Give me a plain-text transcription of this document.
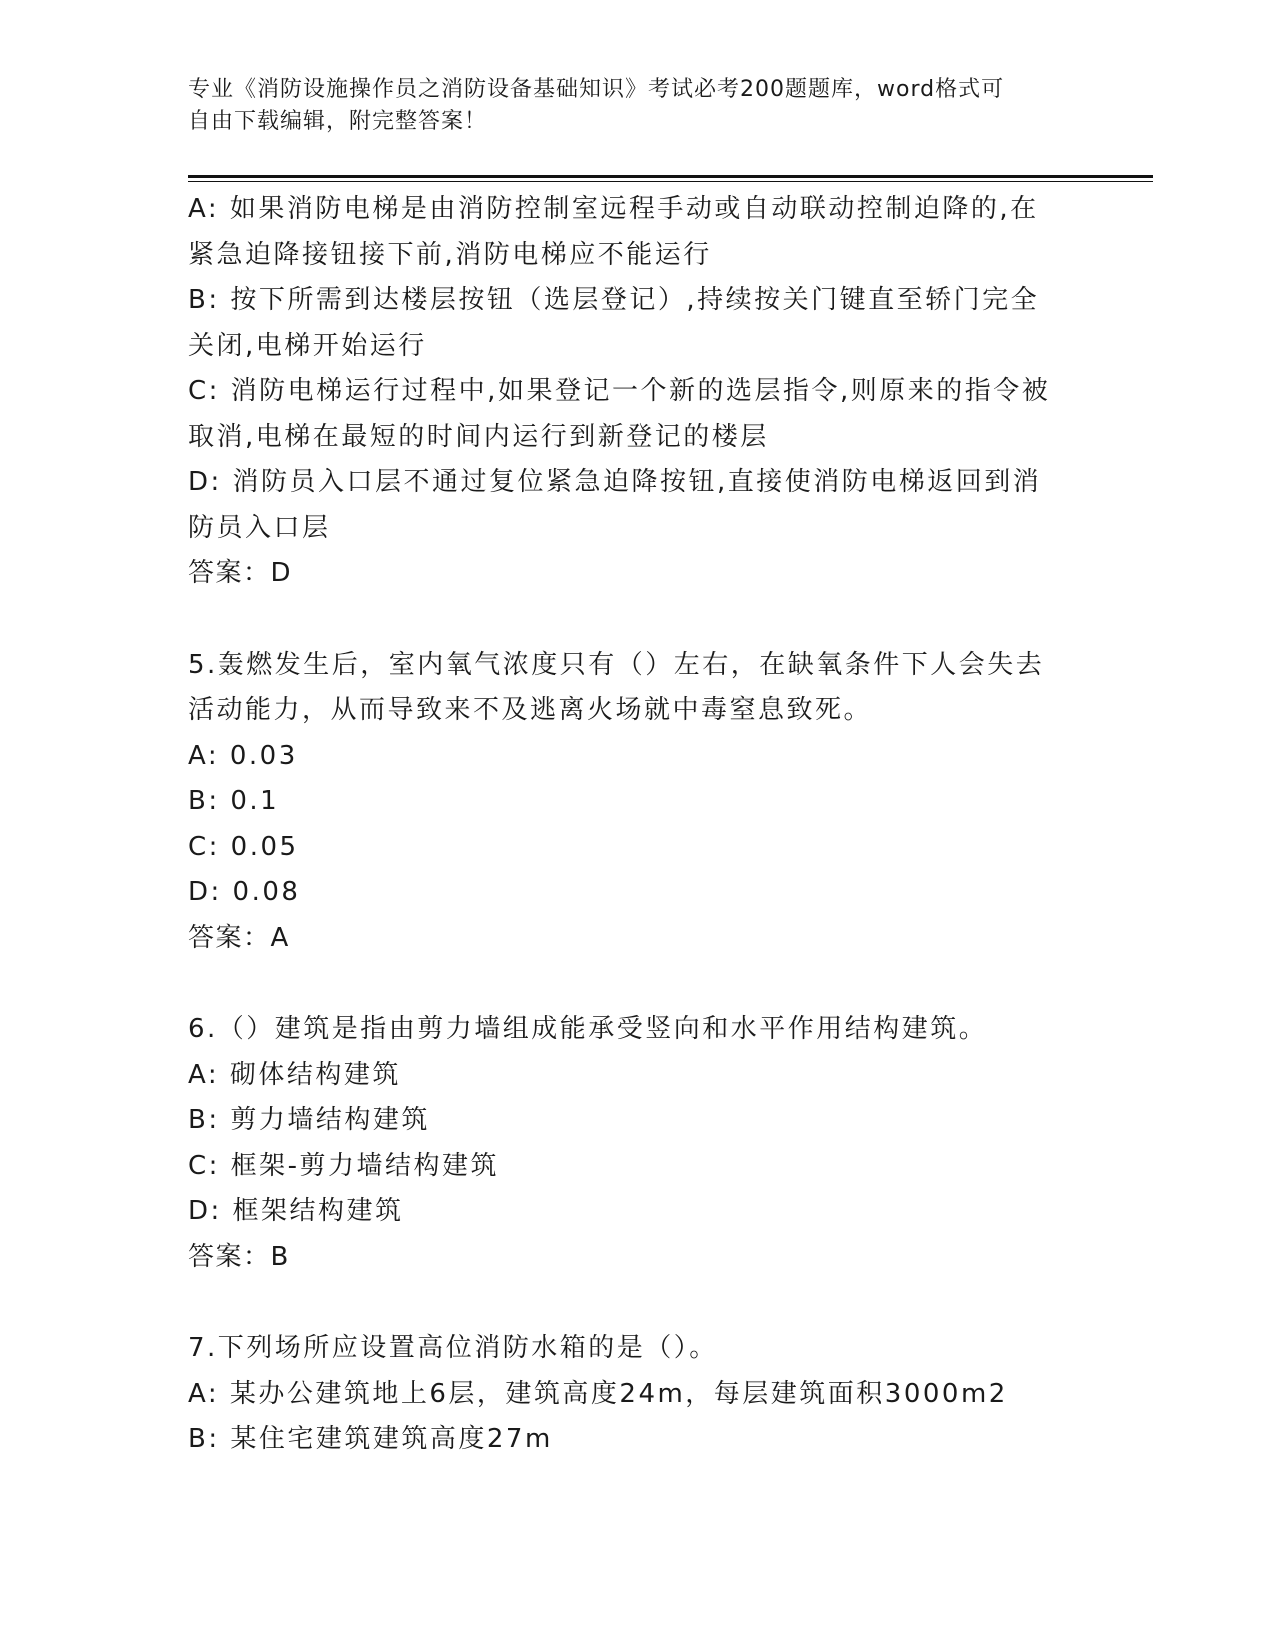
专业《消防设施操作员之消防设备基础知识》考试必考200题题库，word格式可
自由下载编辑，附完整答案！
A: 如果消防电梯是由消防控制室远程手动或自动联动控制迫降的,在
紧急迫降接钮接下前,消防电梯应不能运行
B: 按下所需到达楼层按钮（选层登记）,持续按关门键直至轿门完全
关闭,电梯开始运行
C: 消防电梯运行过程中,如果登记一个新的选层指令,则原来的指令被
取消,电梯在最短的时间内运行到新登记的楼层
D: 消防员入口层不通过复位紧急迫降按钮,直接使消防电梯返回到消
防员入口层
答案：D
5.轰燃发生后，室内氧气浓度只有（）左右，在缺氧条件下人会失去
活动能力，从而导致来不及逃离火场就中毒窒息致死。
A: 0.03
B: 0.1
C: 0.05
D: 0.08
答案：A
6.（）建筑是指由剪力墙组成能承受竖向和水平作用结构建筑。
A: 砌体结构建筑
B: 剪力墙结构建筑
C: 框架-剪力墙结构建筑
D: 框架结构建筑
答案：B
7.下列场所应设置高位消防水箱的是（）。
A: 某办公建筑地上6层，建筑高度24m，每层建筑面积3000m2
B: 某住宅建筑建筑高度27m
